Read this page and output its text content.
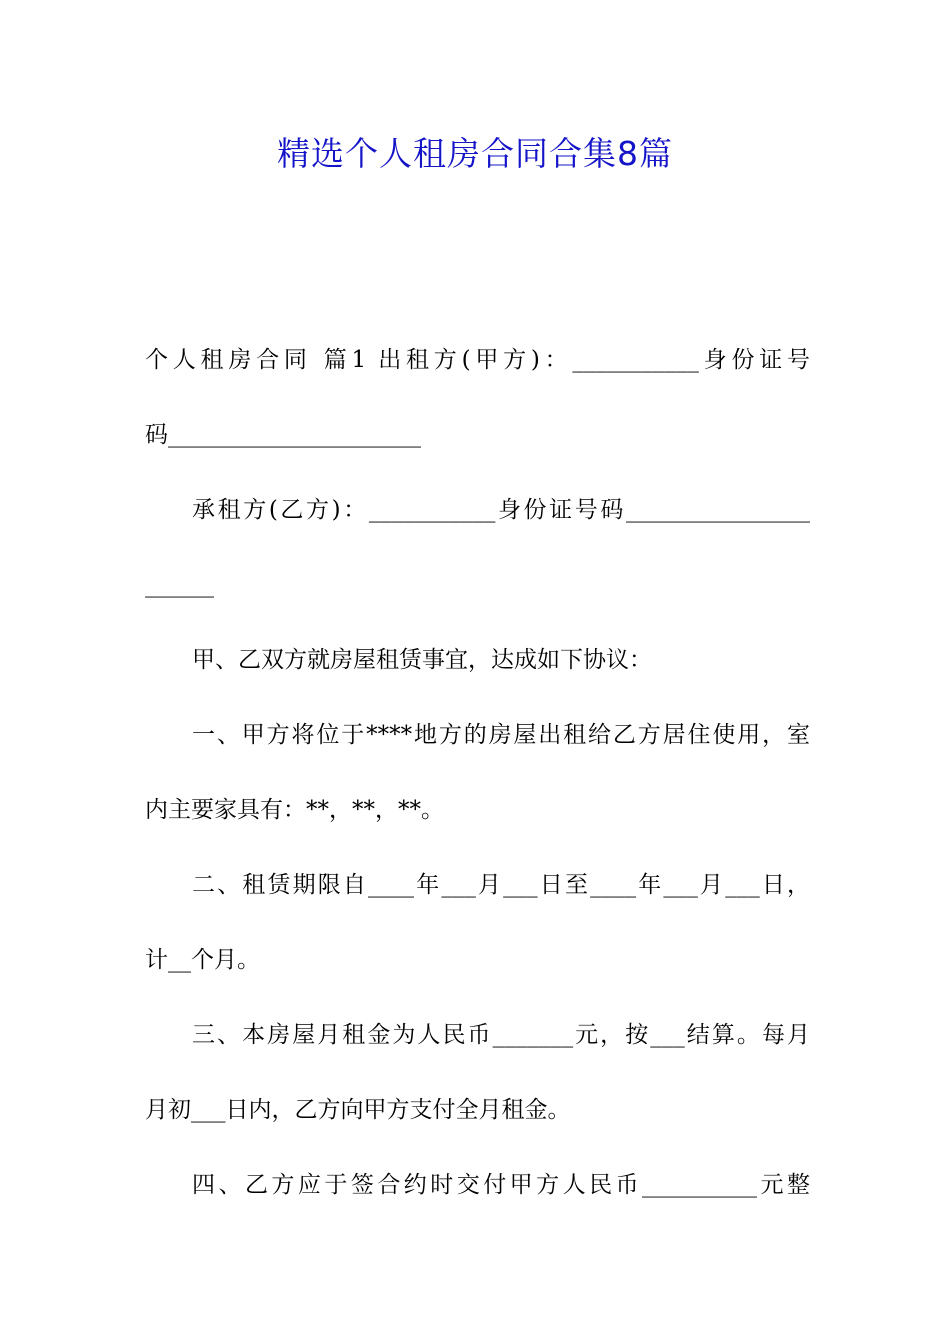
精选个人租房合同合集8篇
个人租房合同 篇1 出租方(甲方)：___________身份证号
码______________________
承租方(乙方)：___________身份证号码________________
______
甲、乙双方就房屋租赁事宜，达成如下协议：
一、甲方将位于****地方的房屋出租给乙方居住使用，室
内主要家具有：**，**，**。
二、租赁期限自____年___月___日至____年___月___日，
计__个月。
三、本房屋月租金为人民币_______元，按___结算。每月
月初___日内，乙方向甲方支付全月租金。
四、乙方应于签合约时交付甲方人民币__________元整
